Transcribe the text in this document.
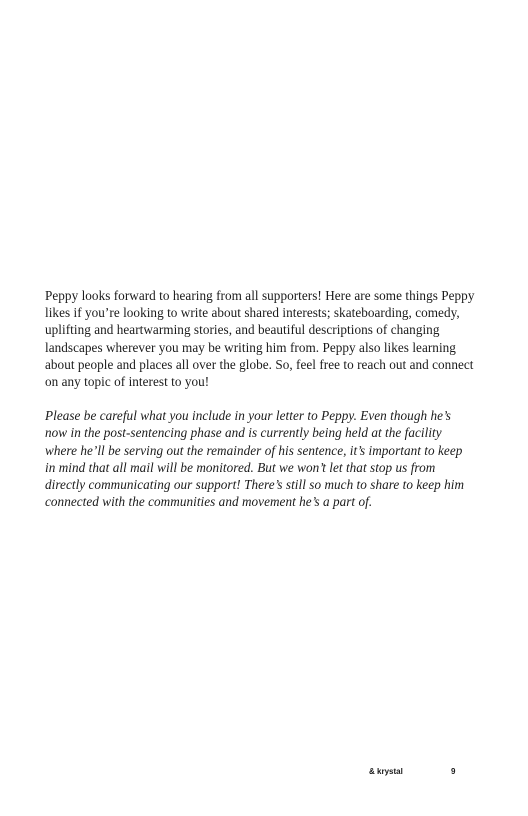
Peppy looks forward to hearing from all supporters! Here are some things Peppy likes if you’re looking to write about shared interests; skateboarding, comedy, uplifting and heartwarming stories, and beautiful descriptions of changing landscapes wherever you may be writing him from. Peppy also likes learning about people and places all over the globe. So, feel free to reach out and connect on any topic of interest to you!

Please be careful what you include in your letter to Peppy. Even though he’s now in the post-sentencing phase and is currently being held at the facility where he’ll be serving out the remainder of his sentence, it’s important to keep in mind that all mail will be monitored. But we won’t let that stop us from directly communicating our support! There’s still so much to share to keep him connected with the communities and movement he’s a part of.

& krystal	9
